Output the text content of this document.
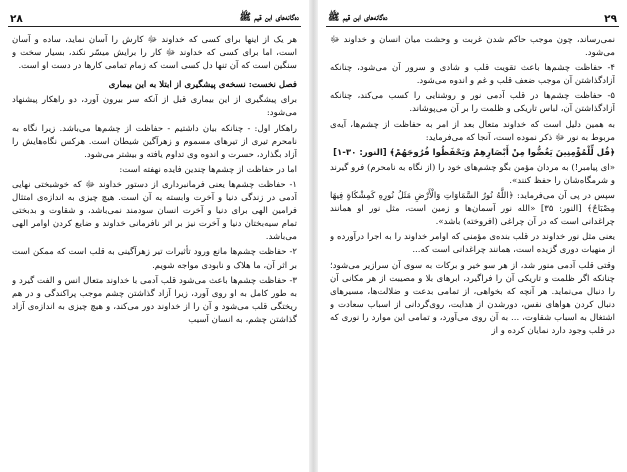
ده‌گانه‌های ابن قیم ﷺ
۲۸

هر یک از اینها برای کسی که خداوند ﷻ کارش را آسان نماید، ساده و آسان است، اما برای کسی که خداوند ﷻ کار را برایش میسّر نکند، بسیار سخت و سنگین است که آن تنها دل کسی است که زمام تمامی کارها در دست او است.

فصل نخست: نسخه‌ی پیشگیری از ابتلا به این بیماری

برای پیشگیری از این بیماری قبل از آنکه سر بیرون آورد، دو راهکار پیشنهاد می‌شود:

راهکار اول: - چنانکه بیان داشتیم - حفاظت از چشم‌ها می‌باشد. زیرا نگاه به نامحرم تیری از تیرهای مسموم و زهرآگین شیطان است. هرکس نگاه‌هایش را آزاد بگذارد، حسرت و اندوه وی تداوم یافته و بیشتر می‌شود.

اما در حفاظت از چشم‌ها چندین فایده نهفته است:

۱- حفاظت چشم‌ها یعنی فرمانبرداری از دستور خداوند ﷻ که خوشبختی نهایی آدمی در زندگی دنیا و آخرت وابسته به آن است. هیچ چیزی به اندازه‌ی امتثال فرامین الهی برای دنیا و آخرت انسان سودمند نمی‌باشد، و شقاوت و بدبختی تمام سیه‌بختان دنیا و آخرت نیز بر اثر نافرمانی خداوند و ضایع کردن اوامر الهی می‌باشد.

۲- حفاظت چشم‌ها مانع ورود تأثیرات تیر زهرآگینی به قلب است که ممکن است بر اثر آن، ما هلاک و نابودی مواجه شویم.

۳- حفاظت چشم‌ها باعث می‌شود قلب آدمی با خداوند متعال انس و الفت گیرد و به طور کامل به او روی آورد، زیرا آزاد گذاشتن چشم موجب پراکندگی و در هم ریختگی قلب می‌شود و آن را از خداوند دور می‌کند، و هیچ چیزی به اندازه‌ی آزاد گذاشتن چشم، به انسان آسیب

۲۹
ده‌گانه‌های ابن قیم ﷺ

نمی‌رساند، چون موجب حاکم شدن غربت و وحشت میان انسان و خداوند ﷻ می‌شود.

۴- حفاظت چشم‌ها باعث تقویت قلب و شادی و سرور آن می‌شود، چنانکه آزادگذاشتن آن موجب ضعف قلب و غم و اندوه می‌شود.

۵- حفاظت چشم‌ها در قلب آدمی نور و روشنایی را کسب می‌کند، چنانکه آزادگذاشتن آن، لباس تاریکی و ظلمت را بر آن می‌پوشاند.

به همین دلیل است که خداوند متعال بعد از امر به حفاظت از چشم‌ها، آیه‌ی مربوط به نور ﷻ ذکر نموده است، آنجا که می‌فرماید:

﴿قُل لِّلْمُؤْمِنِينَ يَغُضُّوا مِنْ أَبْصَارِهِمْ وَيَحْفَظُوا فُرُوجَهُمْ﴾ [النور: ۳۰-۱]

«ای پیامبر!) به مردان مؤمن بگو چشم‌های خود را (از نگاه به نامحرم) فرو گیرند و شرمگاه‌شان را حفظ کنند».

سپس در پی آن می‌فرماید: ﴿اللَّهُ نُورُ السَّمَاوَاتِ وَالْأَرْضِ مَثَلُ نُورِهِ كَمِشْكَاةٍ فِيهَا مِصْبَاحٌ﴾ [النور: ۳۵] «الله نور آسمان‌ها و زمین است، مثل نور او همانند چراغدانی است که در آن چراغی (افروخته) باشد».

یعنی مثل نور خداوند در قلب بنده‌ی مؤمنی که اوامر خداوند را به اجرا درآورده و از منهیات دوری گزیده است، همانند چراغدانی است که...

وقتی قلب آدمی منور شد، از هر سو خیر و برکات به سوی آن سرازیر می‌شود؛ چنانکه اگر ظلمت و تاریکی آن را فراگیرد، ابرهای بلا و مصیبت از هر مکانی آن را دنبال می‌نماید. هر آنچه که بخواهی، از تمامی بدعت و ضلالت‌ها، مسیرهای دنبال کردن هواهای نفس، دورشدن از هدایت، روی‌گردانی از اسباب سعادت و اشتغال به اسباب شقاوت، ... به آن روی می‌آورد، و تمامی این موارد را نوری که در قلب وجود دارد نمایان کرده و از
